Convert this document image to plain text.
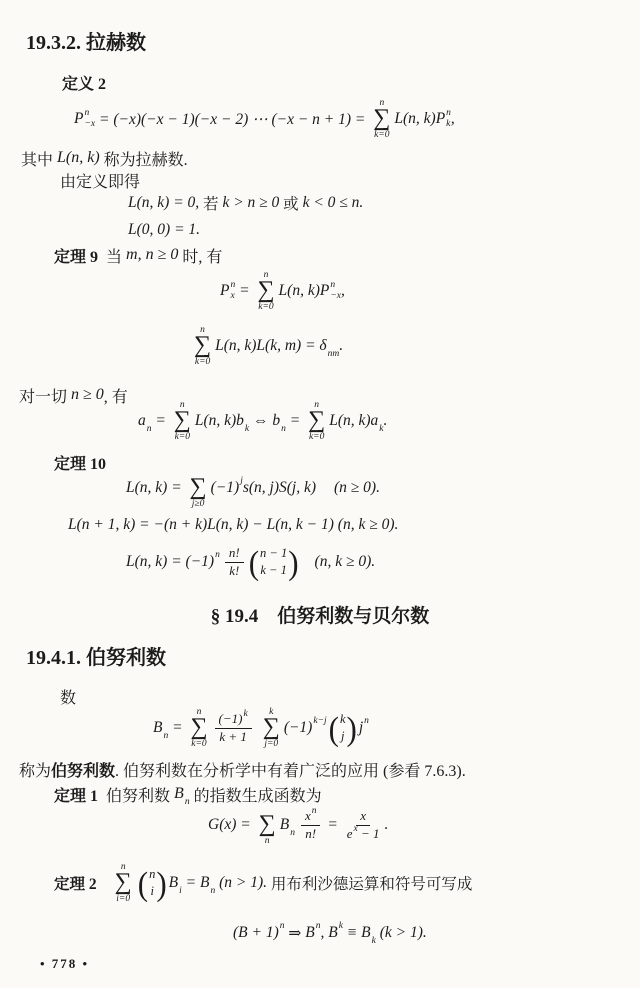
19.3.2. 拉赫数
定义 2
P n
−x = (−x)(−x − 1)(−x − 2) ⋯ (−x − n + 1) =
n
∑
k=0
L(n, k) P n
k ,
其中 L(n, k) 称为拉赫数.
由定义即得
L(n, k) = 0, 若 k > n ≥ 0 或 k < 0 ≤ n.
L(0, 0) = 1.
定理 9 当 m, n ≥ 0 时, 有
P n
x =
n
∑
k=0
L(n, k) P n
−x ,
n
∑
k=0
L(n, k)L(k, m) = δ nm .
对一切 n ≥ 0 , 有
a n =
n
∑
k=0
L(n, k) b k ⇔ b n =
n
∑
k=0
L(n, k) a k .
定理 10
L(n, k) = ∑
j≥0
(−1) j s(n, j)S(j, k) (n ≥ 0).
L(n + 1, k) = −(n + k)L(n, k) − L(n, k − 1) (n, k ≥ 0).
L(n, k) = (−1) n $\frac{n!}{k!}$ ( n − 1
k − 1 ) (n, k ≥ 0).
§ 19.4　伯努利数与贝尔数
19.4.1. 伯努利数
数
B n =
n
∑
$k=0 \frac{(-1) k}{k + 1}$ k
∑
j=0
(−1) k−j ( k
j ) j n
称为 伯努利数 . 伯努利数在分析学中有着广泛的应用 (参看 7.6.3).
定理 1 伯努利数 B n 的指数生成函数为
G(x) = ∑
n
B n $\frac{\text{x n}}{n!} = \frac{x}{\text{e x − 1}}$ .
定理 2
n
∑
i=0 ( n
i ) B i = B n (n > 1). 用布利沙德运算和符号可写成
(B + 1) n ⇒ B n , B k ≡ B k (k > 1).
• 778 •
